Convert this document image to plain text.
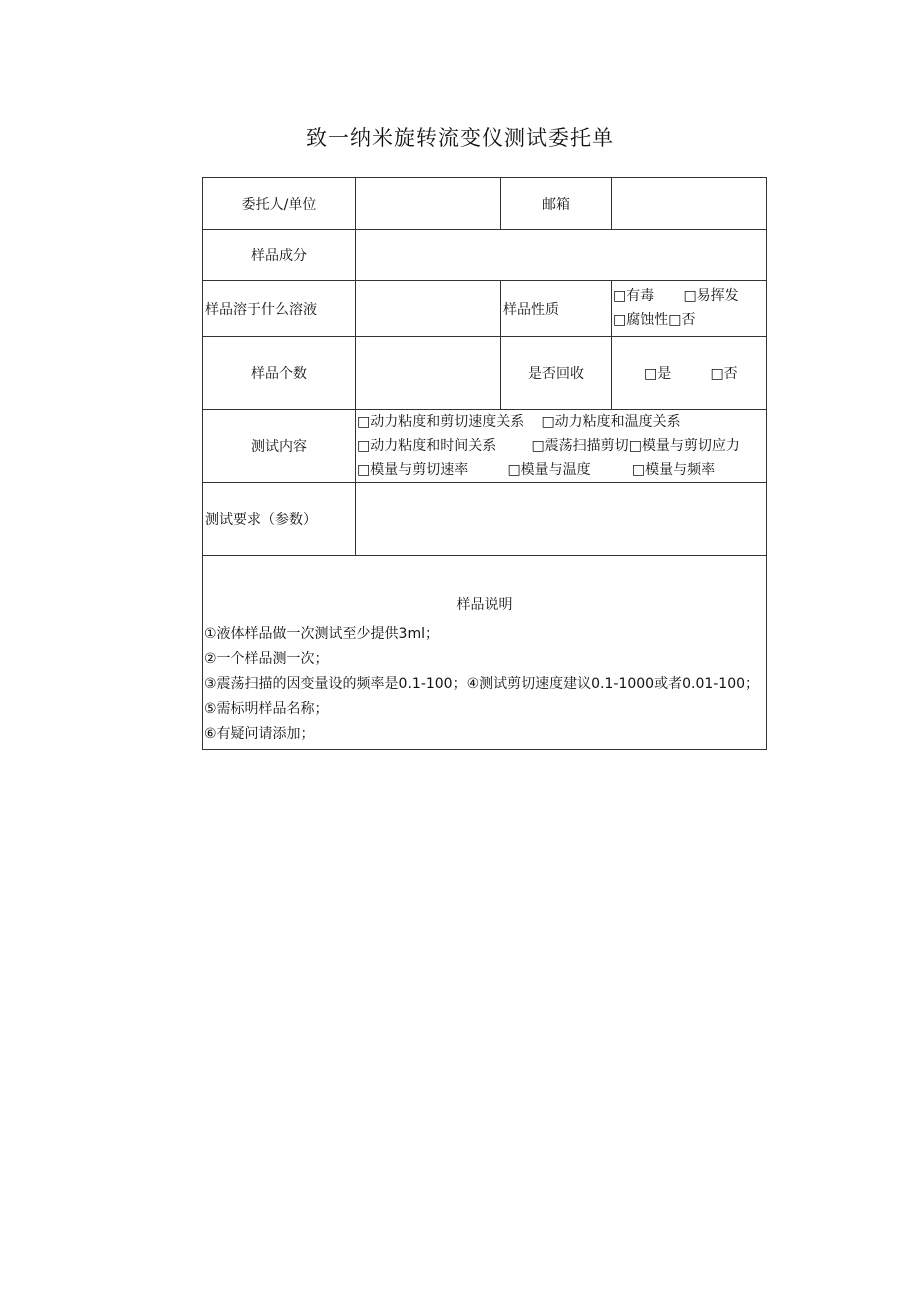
致一纳米旋转流变仪测试委托单
委托人/单位		邮箱	
样品成分			
样品溶于什么溶液		样品性质	□有毒 □易挥发
□腐蚀性□否

样品个数		是否回收	□是 □否
测试内容	□动力粘度和剪切速度关系 □动力粘度和温度关系
□动力粘度和时间关系 □震荡扫描剪切□模量与剪切应力
□模量与剪切速率 □模量与温度 □模量与频率		

测试要求（参数）			

样品说明
①液体样品做一次测试至少提供3ml；
②一个样品测一次；
③震荡扫描的因变量设的频率是0.1-100；④测试剪切速度建议0.1-1000或者0.01-100；⑤需标明样品名称；
⑥有疑问请添加；			
